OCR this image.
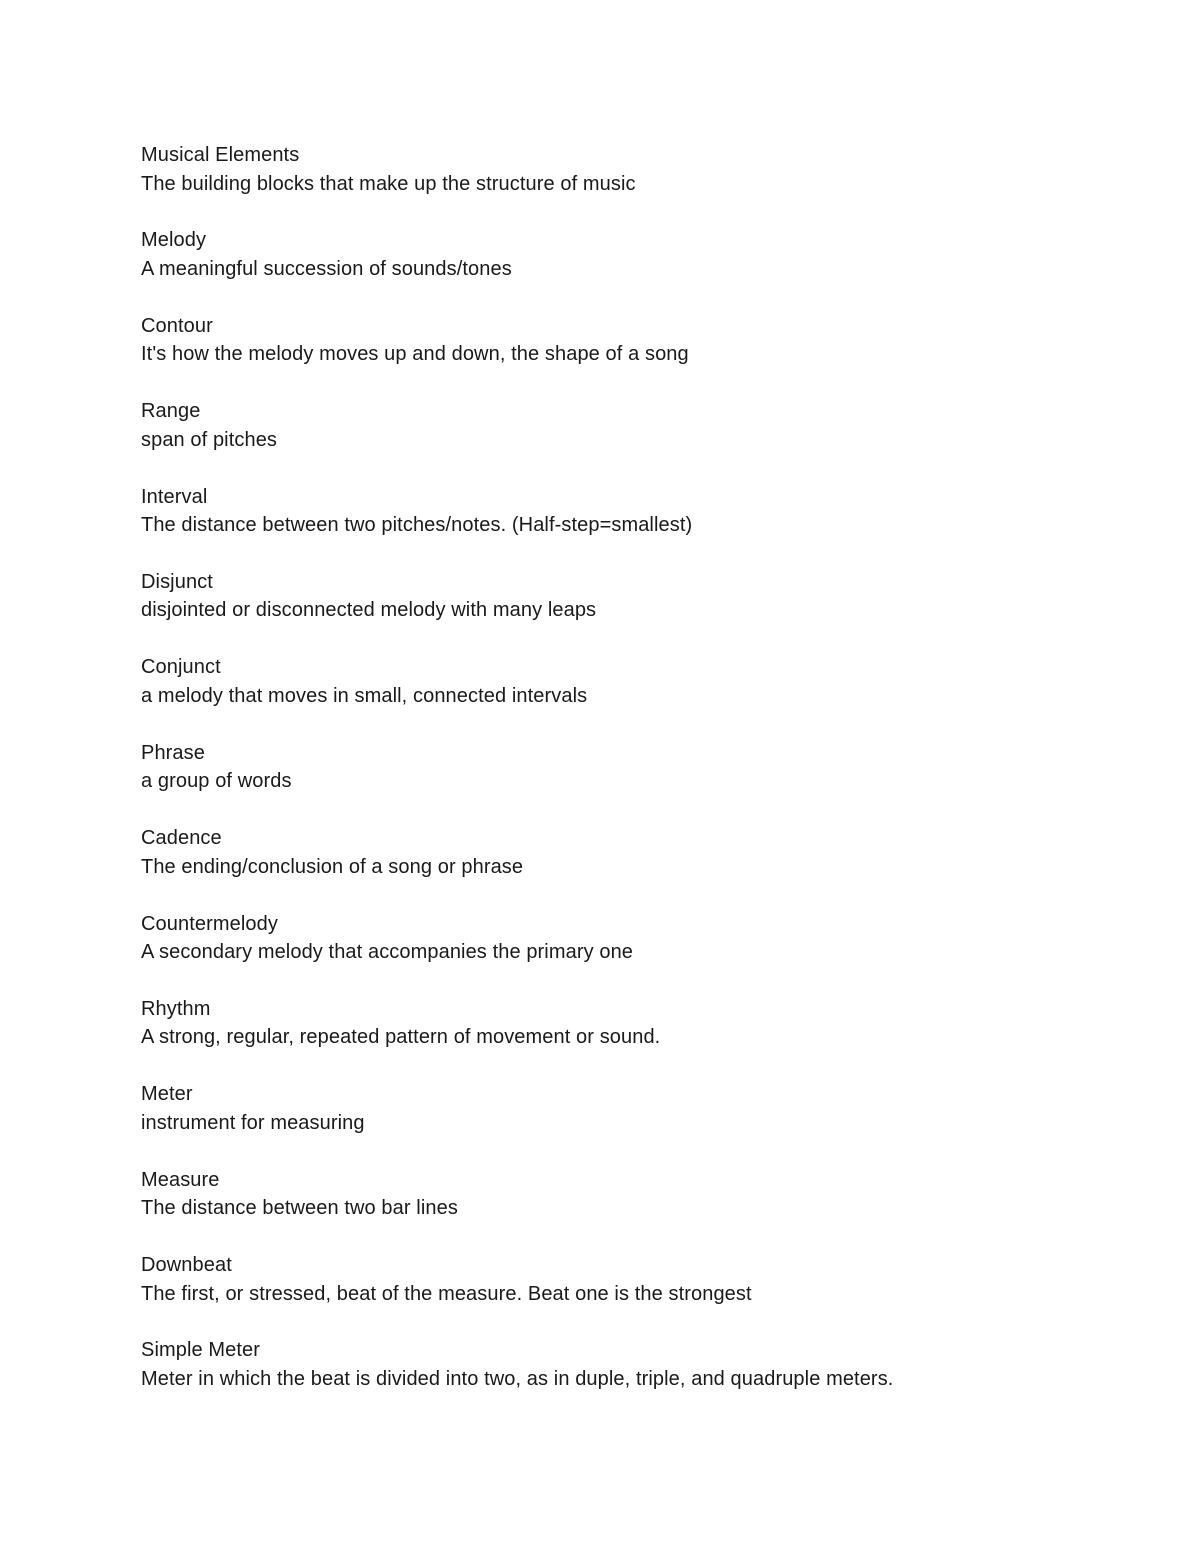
Musical Elements
The building blocks that make up the structure of music
Melody
A meaningful succession of sounds/tones
Contour
It's how the melody moves up and down, the shape of a song
Range
span of pitches
Interval
The distance between two pitches/notes. (Half-step=smallest)
Disjunct
disjointed or disconnected melody with many leaps
Conjunct
a melody that moves in small, connected intervals
Phrase
a group of words
Cadence
The ending/conclusion of a song or phrase
Countermelody
A secondary melody that accompanies the primary one
Rhythm
A strong, regular, repeated pattern of movement or sound.
Meter
instrument for measuring
Measure
The distance between two bar lines
Downbeat
The first, or stressed, beat of the measure. Beat one is the strongest
Simple Meter
Meter in which the beat is divided into two, as in duple, triple, and quadruple meters.
